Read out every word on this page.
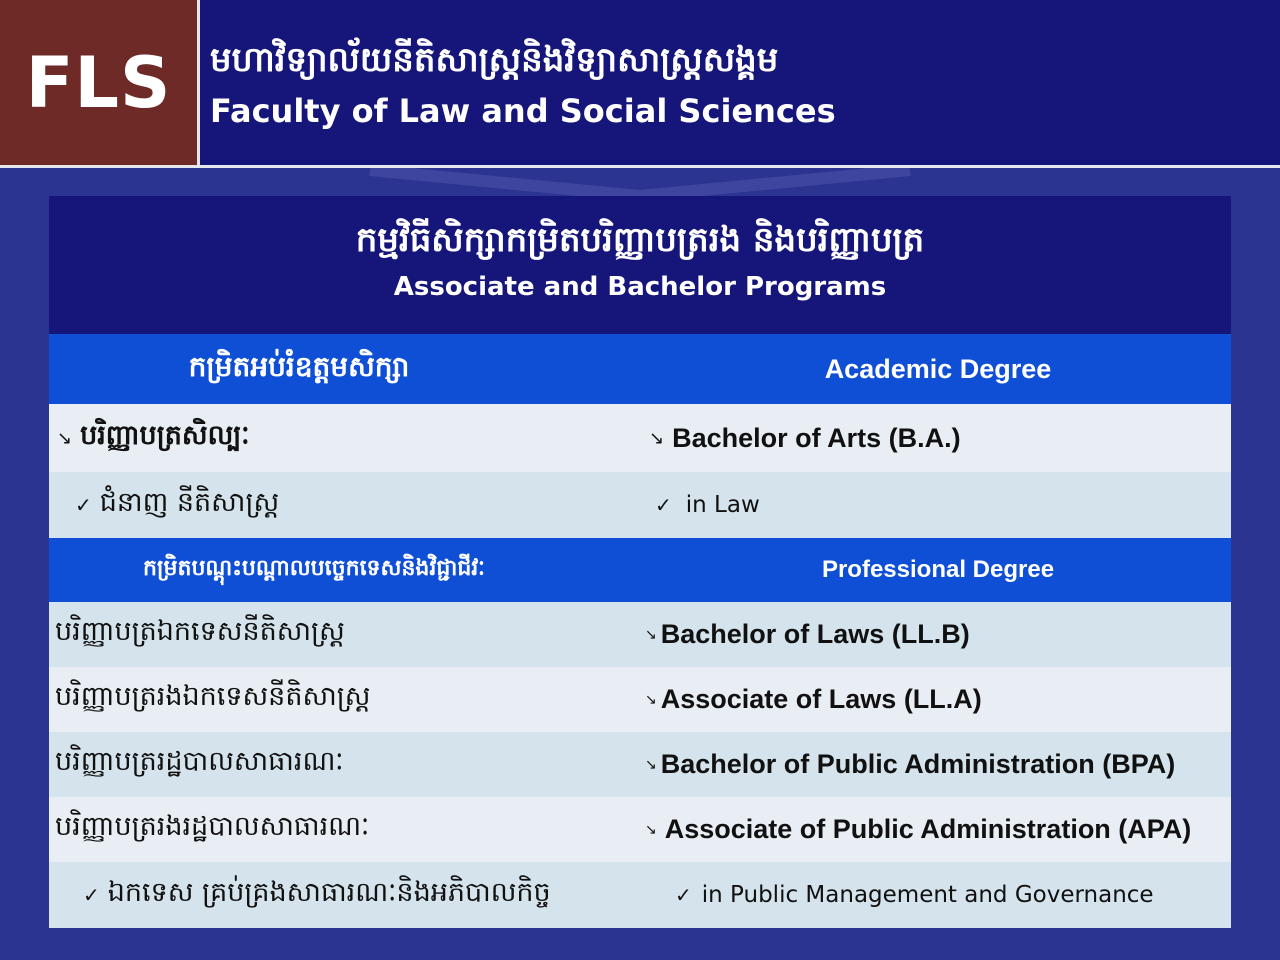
FLS	មហាវិទ្យាល័យនីតិសាស្ត្រនិងវិទ្យាសាស្ត្រសង្គម
Faculty of Law and Social Sciences
កម្មវិធីសិក្សាកម្រិតបរិញ្ញាបត្ររង និងបរិញ្ញាបត្រ
Associate and Bachelor Programs
កម្រិតអប់រំឧត្តមសិក្សា	Academic Degree
↘ បរិញ្ញាបត្រសិល្បៈ	↘ Bachelor of Arts (B.A.)
✓ ជំនាញ នីតិសាស្ត្រ	✓ in Law
កម្រិតបណ្តុះបណ្តាលបច្ចេកទេសនិងវិជ្ជាជីវៈ	Professional Degree
បរិញ្ញាបត្រឯកទេសនីតិសាស្ត្រ	↘ Bachelor of Laws (LL.B)
បរិញ្ញាបត្ររងឯកទេសនីតិសាស្ត្រ	↘ Associate of Laws (LL.A)
បរិញ្ញាបត្ររដ្ឋបាលសាធារណៈ	↘ Bachelor of Public Administration (BPA)
បរិញ្ញាបត្ររងរដ្ឋបាលសាធារណៈ	↘ Associate of Public Administration (APA)
✓ ឯកទេស គ្រប់គ្រងសាធារណៈនិងអភិបាលកិច្ច	✓ in Public Management and Governance
